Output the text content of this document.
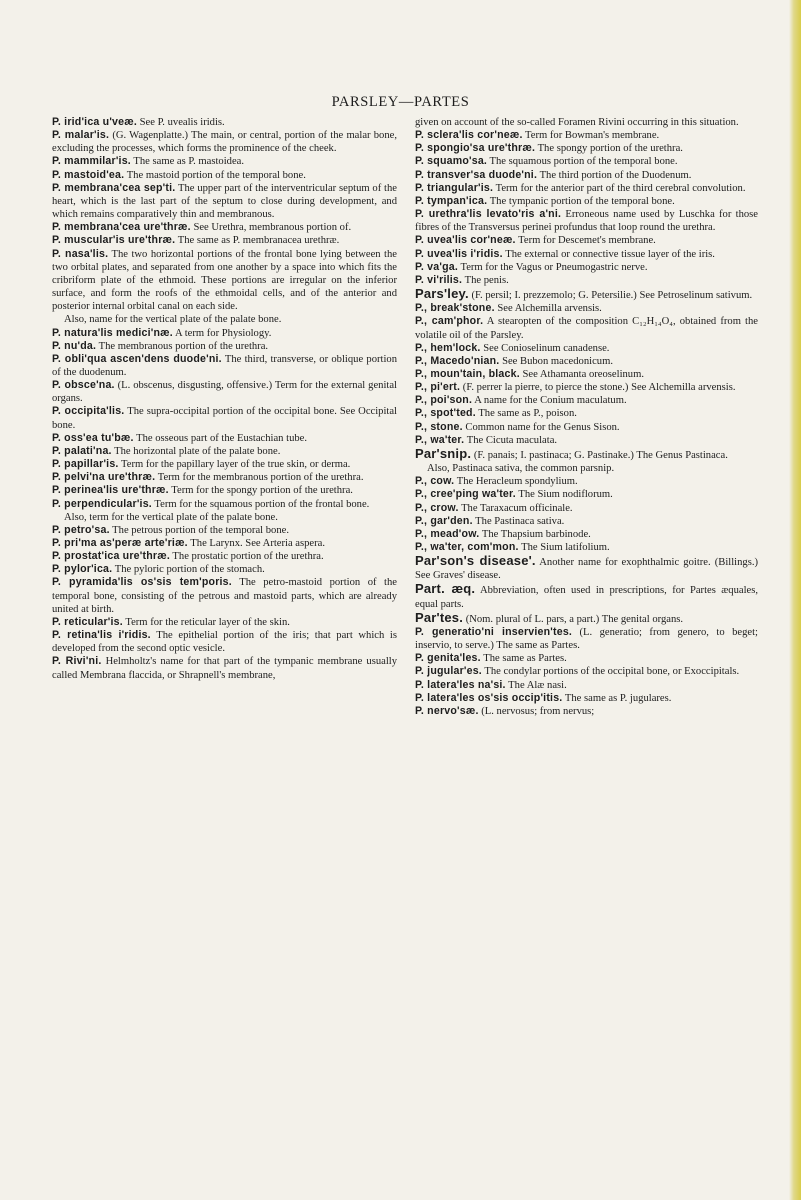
PARSLEY—PARTES

P. irid'ica u'veæ. See P. uvealis iridis.

P. malar'is. (G. Wagenplatte.) The main, or central, portion of the malar bone, excluding the processes, which forms the prominence of the cheek.

P. mammilar'is. The same as P. mastoidea.

P. mastoid'ea. The mastoid portion of the temporal bone.

P. membrana'cea sep'ti. The upper part of the interventricular septum of the heart, which is the last part of the septum to close during development, and which remains comparatively thin and membranous.

P. membrana'cea ure'thræ. See Urethra, membranous portion of.

P. muscular'is ure'thræ. The same as P. membranacea urethræ.

P. nasa'lis. The two horizontal portions of the frontal bone lying between the two orbital plates, and separated from one another by a space into which fits the cribriform plate of the ethmoid. These portions are irregular on the inferior surface, and form the roofs of the ethmoidal cells, and of the anterior and posterior internal orbital canal on each side.

Also, name for the vertical plate of the palate bone.

P. natura'lis medici'næ. A term for Physiology.

P. nu'da. The membranous portion of the urethra.

P. obli'qua ascen'dens duode'ni. The third, transverse, or oblique portion of the duodenum.

P. obsce'na. (L. obscenus, disgusting, offensive.) Term for the external genital organs.

P. occipita'lis. The supra-occipital portion of the occipital bone. See Occipital bone.

P. oss'ea tu'bæ. The osseous part of the Eustachian tube.

P. palati'na. The horizontal plate of the palate bone.

P. papillar'is. Term for the papillary layer of the true skin, or derma.

P. pelvi'na ure'thræ. Term for the membranous portion of the urethra.

P. perinea'lis ure'thræ. Term for the spongy portion of the urethra.

P. perpendicular'is. Term for the squamous portion of the frontal bone.

Also, term for the vertical plate of the palate bone.

P. petro'sa. The petrous portion of the temporal bone.

P. pri'ma as'peræ arte'riæ. The Larynx. See Arteria aspera.

P. prostat'ica ure'thræ. The prostatic portion of the urethra.

P. pylor'ica. The pyloric portion of the stomach.

P. pyramida'lis os'sis tem'poris. The petro-mastoid portion of the temporal bone, consisting of the petrous and mastoid parts, which are already united at birth.

P. reticular'is. Term for the reticular layer of the skin.

P. retina'lis i'ridis. The epithelial portion of the iris; that part which is developed from the second optic vesicle.

P. Rivi'ni. Helmholtz's name for that part of the tympanic membrane usually called Membrana flaccida, or Shrapnell's membrane,

given on account of the so-called Foramen Rivini occurring in this situation.

P. sclera'lis cor'neæ. Term for Bowman's membrane.

P. spongio'sa ure'thræ. The spongy portion of the urethra.

P. squamo'sa. The squamous portion of the temporal bone.

P. transver'sa duode'ni. The third portion of the Duodenum.

P. triangular'is. Term for the anterior part of the third cerebral convolution.

P. tympan'ica. The tympanic portion of the temporal bone.

P. urethra'lis levato'ris a'ni. Erroneous name used by Luschka for those fibres of the Transversus perinei profundus that loop round the urethra.

P. uvea'lis cor'neæ. Term for Descemet's membrane.

P. uvea'lis i'ridis. The external or connective tissue layer of the iris.

P. va'ga. Term for the Vagus or Pneumogastric nerve.

P. vi'rilis. The penis.

Pars'ley. (F. persil; I. prezzemolo; G. Petersilie.) See Petroselinum sativum.

P., break'stone. See Alchemilla arvensis.

P., cam'phor. A stearopten of the composition C₁₂H₁₄O₄, obtained from the volatile oil of the Parsley.

P., hem'lock. See Conioselinum canadense.

P., Macedo'nian. See Bubon macedonicum.

P., moun'tain, black. See Athamanta oreoselinum.

P., pi'ert. (F. perrer la pierre, to pierce the stone.) See Alchemilla arvensis.

P., poi'son. A name for the Conium maculatum.

P., spot'ted. The same as P., poison.

P., stone. Common name for the Genus Sison.

P., wa'ter. The Cicuta maculata.

Par'snip. (F. panais; I. pastinaca; G. Pastinake.) The Genus Pastinaca.

Also, Pastinaca sativa, the common parsnip.

P., cow. The Heracleum spondylium.

P., cree'ping wa'ter. The Sium nodiflorum.

P., crow. The Taraxacum officinale.

P., gar'den. The Pastinaca sativa.

P., mead'ow. The Thapsium barbinode.

P., wa'ter, com'mon. The Sium latifolium.

Par'son's disease'. Another name for exophthalmic goitre. (Billings.) See Graves' disease.

Part. æq. Abbreviation, often used in prescriptions, for Partes æquales, equal parts.

Par'tes. (Nom. plural of L. pars, a part.) The genital organs.

P. generatio'ni inservien'tes. (L. generatio; from genero, to beget; inservio, to serve.) The same as Partes.

P. genita'les. The same as Partes.

P. jugular'es. The condylar portions of the occipital bone, or Exoccipitals.

P. latera'les na'si. The Alæ nasi.

P. latera'les os'sis occip'itis. The same as P. jugulares.

P. nervo'sæ. (L. nervosus; from nervus;
